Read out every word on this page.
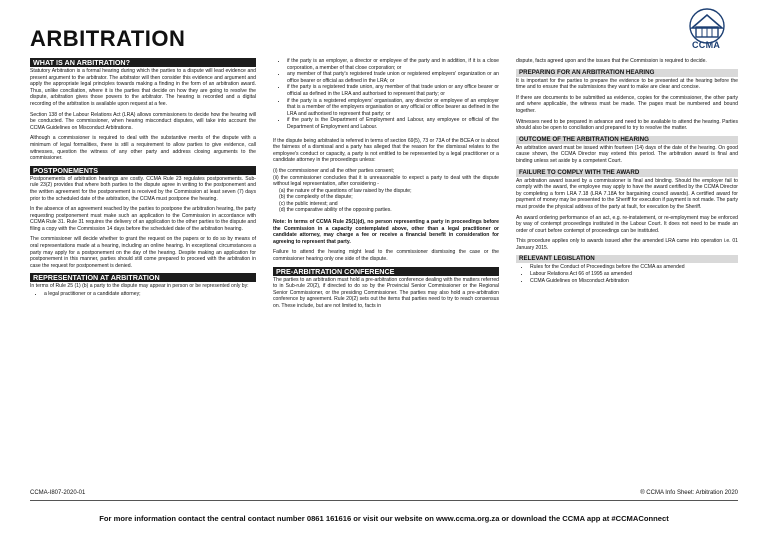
ARBITRATION	CCMA
WHAT IS AN ARBITRATION?

Statutory Arbitration is a formal hearing during which the parties to a dispute will lead evidence and present argument to the arbitrator. The arbitrator will then consider this evidence and argument and apply the appropriate legal principles towards making a finding in the form of an arbitration award. Thus, unlike conciliation, where it is the parties that decide on how they are going to resolve the dispute, arbitration gives those powers to the arbitrator. The hearing is recorded and a digital recording of the arbitration is available upon request at a fee.

Section 138 of the Labour Relations Act (LRA) allows commissioners to decide how the hearing will be conducted. The commissioner, when hearing misconduct disputes, will take into account the CCMA Guidelines on Misconduct Arbitrations.

Although a commissioner is required to deal with the substantive merits of the dispute with a minimum of legal formalities, there is still a requirement to allow parties to give evidence, call witnesses, question the witness of any other party and address closing arguments to the commissioner.

POSTPONEMENTS

Postponements of arbitration hearings are costly. CCMA Rule 23 regulates postponements. Sub-rule 23(2) provides that where both parties to the dispute agree in writing to the postponement and the written agreement for the postponement is received by the Commission at least seven (7) days prior to the scheduled date of the arbitration, the CCMA must postpone the hearing.

In the absence of an agreement reached by the parties to postpone the arbitration hearing, the party requesting postponement must make such an application to the Commission in accordance with CCMA Rule 31. Rule 31 requires the delivery of an application to the other parties to the dispute and filing a copy with the Commission 14 days before the scheduled date of the arbitration hearing.

The commissioner will decide whether to grant the request on the papers or to do so by means of oral representations made at a hearing, including an online hearing. In exceptional circumstances a party may apply for a postponement on the day of the hearing. Despite making an application for postponement in this manner, parties should still come prepared to proceed with the arbitration in case the request for postponement is denied.

REPRESENTATION AT ARBITRATION

In terms of Rule 25 (1) (b) a party to the dispute may appear in person or be represented only by:

• a legal practitioner or a candidate attorney;
• if the party is an employer, a director or employee of the party and in addition, if it is a close corporation, a member of that close corporation; or
• any member of that party's registered trade union or registered employers' organization or an office bearer or official as defined in the LRA; or
• if the party is a registered trade union, any member of that trade union or any office bearer or official as defined in the LRA and authorised to represent that party; or
• if the party is a registered employers' organisation, any director or employee of an employer that is a member of the employers organisation or any official or office bearer as defined in the LRA and authorised to represent that party; or
• if the party is the Department of Employment and Labour, any employee or official of the Department of Employment and Labour.

If the dispute being arbitrated is referred in terms of section 69(5), 73 or 73A of the BCEA or is about the fairness of a dismissal and a party has alleged that the reason for the dismissal relates to the employee's conduct or capacity, a party is not entitled to be represented by a legal practitioner or a candidate attorney in the proceedings unless:

(i) the commissioner and all the other parties consent;
(ii) the commissioner concludes that it is unreasonable to expect a party to deal with the dispute without legal representation, after considering -
(a) the nature of the questions of law raised by the dispute;
(b) the complexity of the dispute;
(c) the public interest; and
(d) the comparative ability of the opposing parties.

Note: In terms of CCMA Rule 25(1)(d), no person representing a party in proceedings before the Commission in a capacity contemplated above, other than a legal practitioner or candidate attorney, may charge a fee or receive a financial benefit in consideration for agreeing to represent that party.

Failure to attend the hearing might lead to the commissioner dismissing the case or the commissioner hearing only one side of the dispute.

PRE-ARBITRATION CONFERENCE

The parties to an arbitration must hold a pre-arbitration conference dealing with the matters referred to in Sub-rule 20(2), if directed to do so by the Provincial Senior Commissioner or the Regional Senior Commissioner, or the presiding Commissioner. The parties may also hold a pre-arbitration conference by agreement. Rule 20(2) sets out the items that parties need to try to reach consensus on. These include, but are not limited to, facts in

dispute, facts agreed upon and the issues that the Commission is required to decide.

PREPARING FOR AN ARBITRATION HEARING

It is important for the parties to prepare the evidence to be presented at the hearing before the time and to ensure that the submissions they want to make are clear and concise.

If there are documents to be submitted as evidence, copies for the commissioner, the other party and where applicable, the witness must be made. The pages must be numbered and bound together.

Witnesses need to be prepared in advance and need to be available to attend the hearing. Parties should also be open to conciliation and prepared to try to resolve the matter.

OUTCOME OF THE ARBITRATION HEARING

An arbitration award must be issued within fourteen (14) days of the date of the hearing. On good cause shown, the CCMA Director may extend this period. The arbitration award is final and binding unless set aside by a competent Court.

FAILURE TO COMPLY WITH THE AWARD

An arbitration award issued by a commissioner is final and binding. Should the employer fail to comply with the award, the employee may apply to have the award certified by the CCMA Director by completing a form LRA 7.18 (LRA 7.18A for bargaining council awards). A certified award for payment of money may be presented to the Sheriff for execution if payment is not made. The party must provide the physical address of the party at fault, for execution by the Sheriff.

An award ordering performance of an act, e.g. re-instatement, or re-employment may be enforced by way of contempt proceedings instituted in the Labour Court. It does not need to be made an order of court before contempt of proceedings can be instituted.

This procedure applies only to awards issued after the amended LRA came into operation i.e. 01 January 2015.

RELEVANT LEGISLATION
• Rules for the Conduct of Proceedings before the CCMA as amended
• Labour Relations Act 66 of 1995 as amended
• CCMA Guidelines on Misconduct Arbitration
CCMA-I807-2020-01	® CCMA Info Sheet: Arbitration 2020
For more information contact the central contact number 0861 161616 or visit our website on www.ccma.org.za or download the CCMA app at #CCMAConnect
